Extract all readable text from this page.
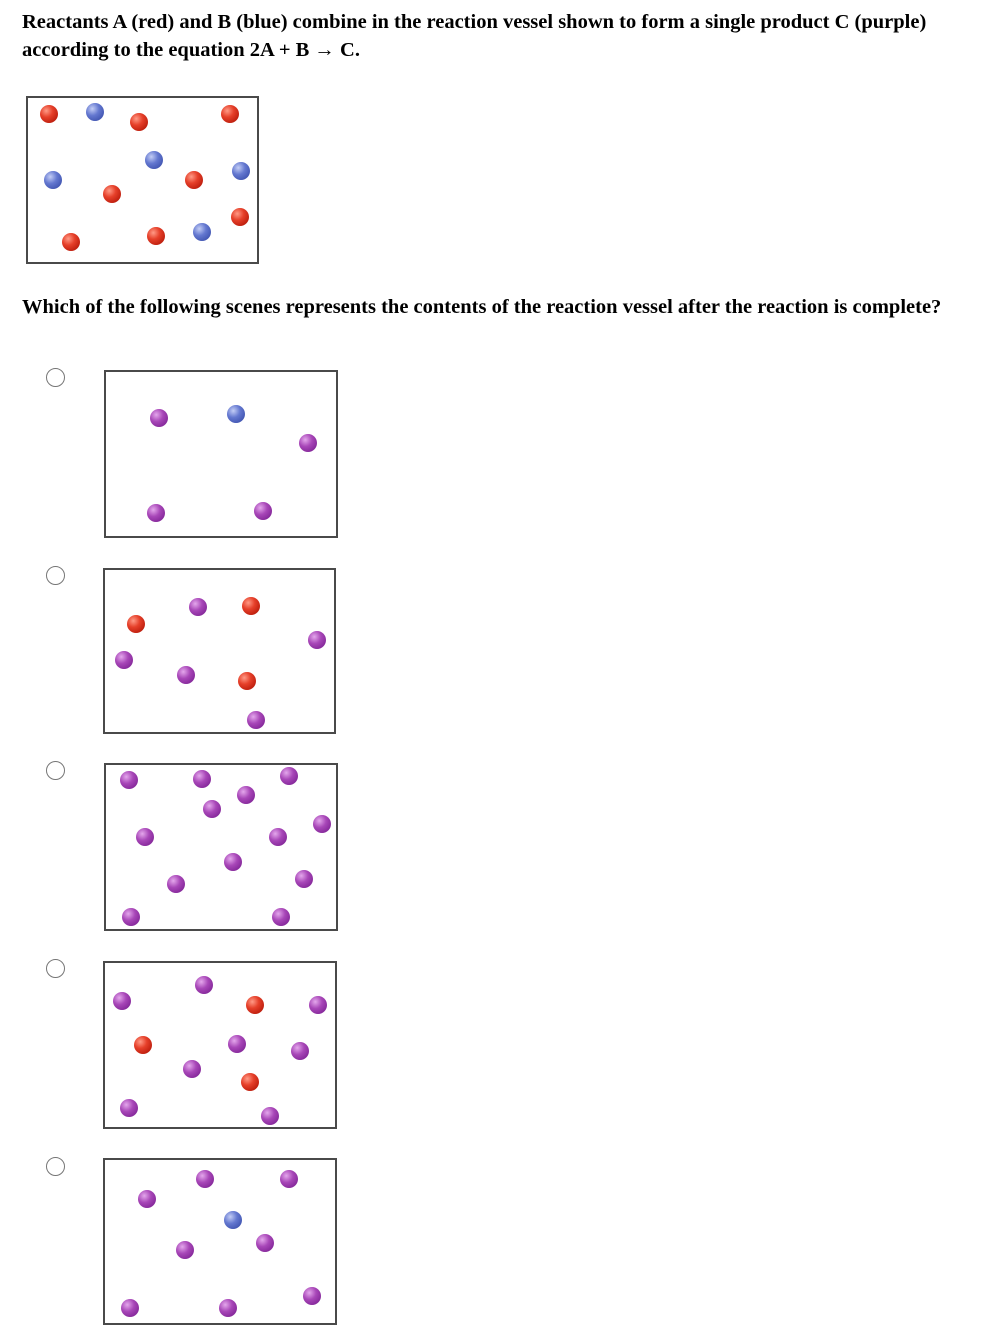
Reactants A (red) and B (blue) combine in the reaction vessel shown to form a single product C (purple) according to the equation 2A + B → C.

Which of the following scenes represents the contents of the reaction vessel after the reaction is complete?
